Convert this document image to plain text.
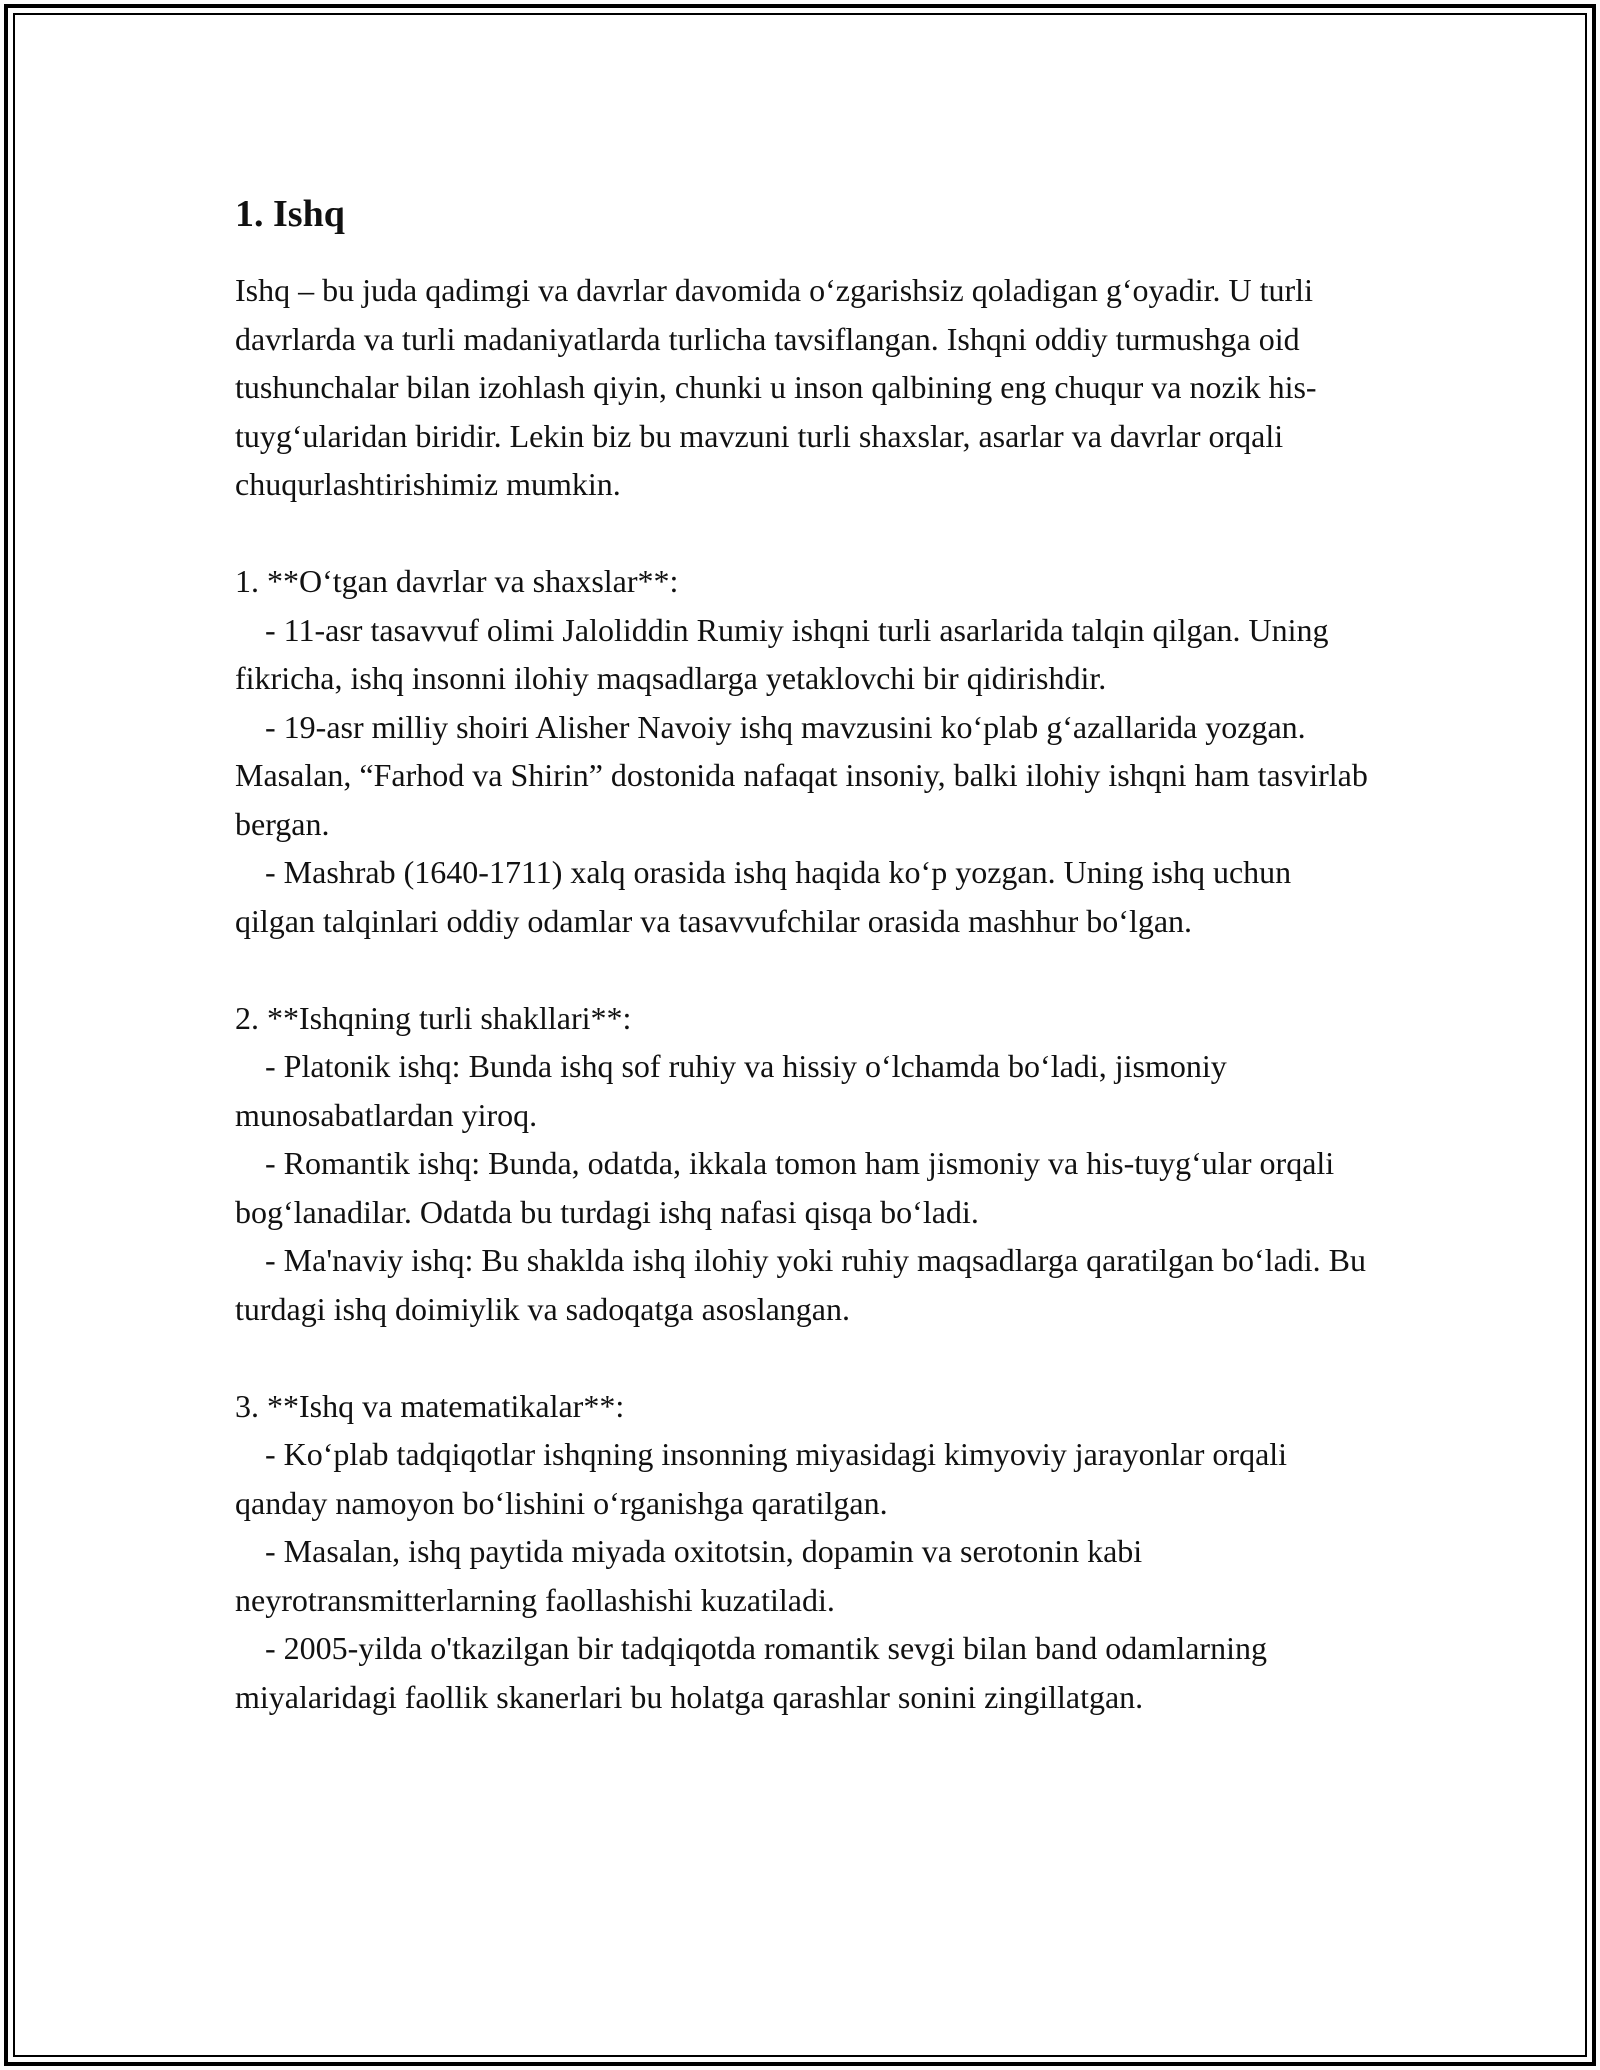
1. Ishq

Ishq – bu juda qadimgi va davrlar davomida o‘zgarishsiz qoladigan g‘oyadir. U turli davrlarda va turli madaniyatlarda turlicha tavsiflangan. Ishqni oddiy turmushga oid tushunchalar bilan izohlash qiyin, chunki u inson qalbining eng chuqur va nozik his-tuyg‘ularidan biridir. Lekin biz bu mavzuni turli shaxslar, asarlar va davrlar orqali chuqurlashtirishimiz mumkin.

1. **O‘tgan davrlar va shaxslar**:

- 11-asr tasavvuf olimi Jaloliddin Rumiy ishqni turli asarlarida talqin qilgan. Uning fikricha, ishq insonni ilohiy maqsadlarga yetaklovchi bir qidirishdir.

- 19-asr milliy shoiri Alisher Navoiy ishq mavzusini ko‘plab g‘azallarida yozgan. Masalan, “Farhod va Shirin” dostonida nafaqat insoniy, balki ilohiy ishqni ham tasvirlab bergan.

- Mashrab (1640-1711) xalq orasida ishq haqida ko‘p yozgan. Uning ishq uchun qilgan talqinlari oddiy odamlar va tasavvufchilar orasida mashhur bo‘lgan.

2. **Ishqning turli shakllari**:

- Platonik ishq: Bunda ishq sof ruhiy va hissiy o‘lchamda bo‘ladi, jismoniy munosabatlardan yiroq.

- Romantik ishq: Bunda, odatda, ikkala tomon ham jismoniy va his-tuyg‘ular orqali bog‘lanadilar. Odatda bu turdagi ishq nafasi qisqa bo‘ladi.

- Ma'naviy ishq: Bu shaklda ishq ilohiy yoki ruhiy maqsadlarga qaratilgan bo‘ladi. Bu turdagi ishq doimiylik va sadoqatga asoslangan.

3. **Ishq va matematikalar**:

- Ko‘plab tadqiqotlar ishqning insonning miyasidagi kimyoviy jarayonlar orqali qanday namoyon bo‘lishini o‘rganishga qaratilgan.

- Masalan, ishq paytida miyada oxitotsin, dopamin va serotonin kabi neyrotransmitterlarning faollashishi kuzatiladi.

- 2005-yilda o'tkazilgan bir tadqiqotda romantik sevgi bilan band odamlarning miyalaridagi faollik skanerlari bu holatga qarashlar sonini zingillatgan.
